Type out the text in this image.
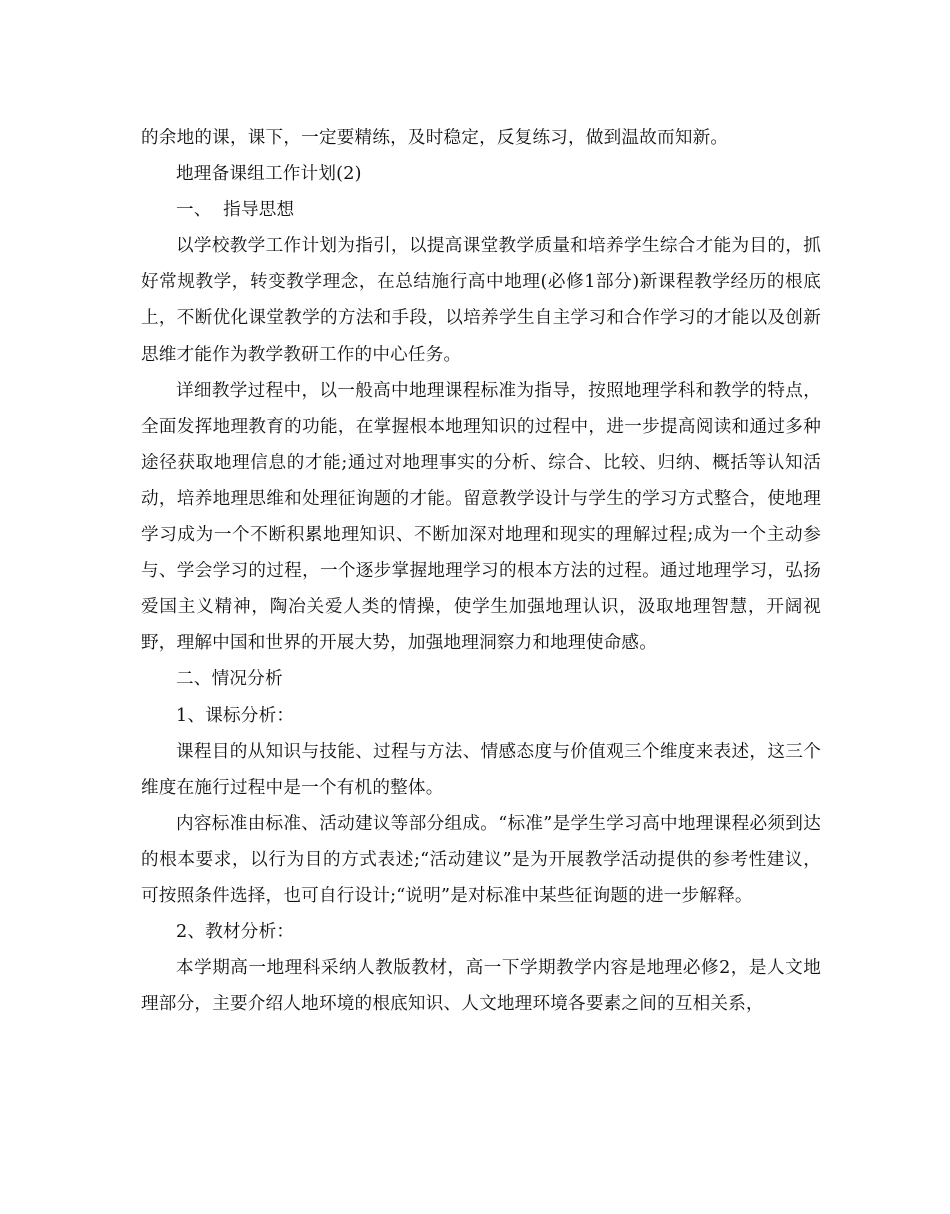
的余地的课，课下，一定要精练，及时稳定，反复练习，做到温故而知新。

地理备课组工作计划(2)

一、  指导思想

以学校教学工作计划为指引，以提高课堂教学质量和培养学生综合才能为目的，抓好常规教学，转变教学理念，在总结施行高中地理(必修1部分)新课程教学经历的根底上，不断优化课堂教学的方法和手段，以培养学生自主学习和合作学习的才能以及创新思维才能作为教学教研工作的中心任务。

详细教学过程中，以一般高中地理课程标准为指导，按照地理学科和教学的特点，全面发挥地理教育的功能，在掌握根本地理知识的过程中，进一步提高阅读和通过多种途径获取地理信息的才能;通过对地理事实的分析、综合、比较、归纳、概括等认知活动，培养地理思维和处理征询题的才能。留意教学设计与学生的学习方式整合，使地理学习成为一个不断积累地理知识、不断加深对地理和现实的理解过程;成为一个主动参与、学会学习的过程，一个逐步掌握地理学习的根本方法的过程。通过地理学习，弘扬爱国主义精神，陶冶关爱人类的情操，使学生加强地理认识，汲取地理智慧，开阔视野，理解中国和世界的开展大势，加强地理洞察力和地理使命感。

二、情况分析

1、课标分析：

课程目的从知识与技能、过程与方法、情感态度与价值观三个维度来表述，这三个维度在施行过程中是一个有机的整体。

内容标准由标准、活动建议等部分组成。“标准”是学生学习高中地理课程必须到达的根本要求，以行为目的方式表述;“活动建议”是为开展教学活动提供的参考性建议，可按照条件选择，也可自行设计;“说明”是对标准中某些征询题的进一步解释。

2、教材分析：

本学期高一地理科采纳人教版教材，高一下学期教学内容是地理必修2，是人文地理部分，主要介绍人地环境的根底知识、人文地理环境各要素之间的互相关系，
